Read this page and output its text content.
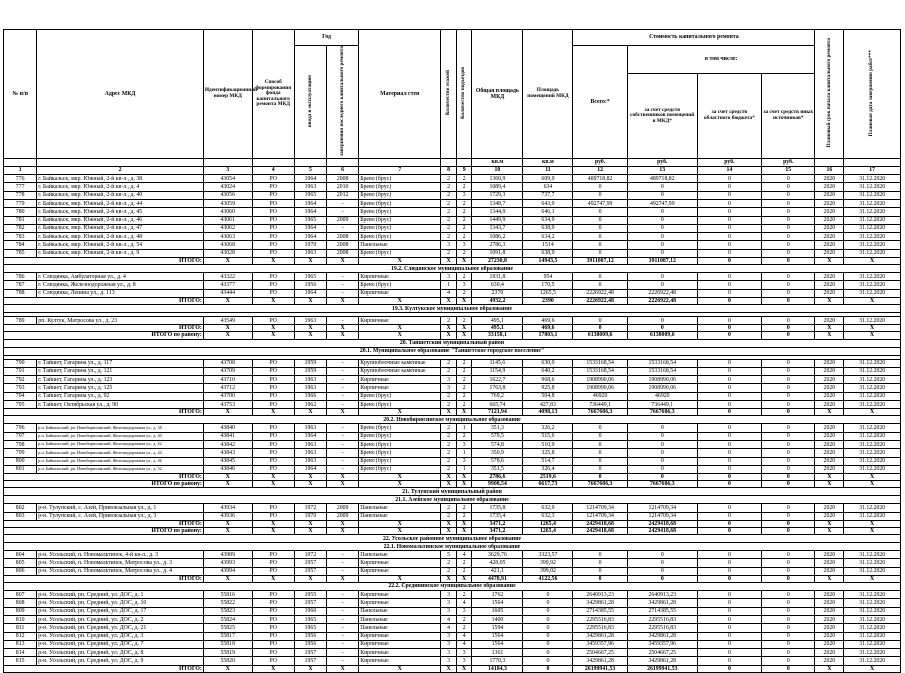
№ п/п	Адрес МКД	Идентификационный номер МКД	Способ формирования фонда капитального ремонта МКД	Год		Материал стен	Количество этажей	Количество подъездов	Общая площадь МКД	Площадь помещений МКД	Стоимость капитального ремонта				Плановый срок начала капитального ремонта	Плановая дата завершения работ***
				ввода в эксплуатацию	завершения последнего капитального ремонта						Всего:*	в том числе:				
												за счет средств собственников помещений в МКД*	за счет средств областного бюджета*	за счет средств иных источников*		
									кв.м	кв.м	руб.	руб.	руб.	руб.		
1	2	3	4	5	6	7	8	9	10	11	12	13	14	15	16	17
776	г. Байкальск, мкр. Южный, 2-й кв-л., д. 38	43054	РО	1964	2008	Брево (брус)	2	2	1360,9	609,9	489718,82	489718,82	0	0	2020	31.12.2020
777	г. Байкальск, мкр. Южный, 2-й кв-л., д. 4	43024	РО	1963	2010	Брево (брус)	2	2	1089,4	634	0	0	0	0	2020	31.12.2020
778	г. Байкальск, мкр. Южный, 2-й кв-л., д. 40	43056	РО	1965	2012	Брево (брус)	2	3	1729,3	737,7	0	0	0	0	2020	31.12.2020
779	г. Байкальск, мкр. Южный, 2-й кв-л., д. 44	43059	РО	1964	-	Брево (брус)	2	2	1348,7	643,9	492747,99	492747,99	0	0	2020	31.12.2020
780	г. Байкальск, мкр. Южный, 2-й кв-л., д. 45	43060	РО	1964	-	Брево (брус)	2	2	1344,9	646,1	0	0	0	0	2020	31.12.2020
781	г. Байкальск, мкр. Южный, 2-й кв-л., д. 46	43061	РО	1965	2009	Брево (брус)	2	2	1449,9	634,9	0	0	0	0	2020	31.12.2020
782	г. Байкальск, мкр. Южный, 2-й кв-л., д. 47	43062	РО	1964	-	Брево (брус)	2	2	1343,7	638,9	0	0	0	0	2020	31.12.2020
783	г. Байкальск, мкр. Южный, 2-й кв-л., д. 48	43063	РО	1964	2008	Брево (брус)	2	2	1086,2	634,2	0	0	0	0	2020	31.12.2020
784	г. Байкальск, мкр. Южный, 2-й кв-л., д. 54	43068	РО	1970	2008	Панельные	3	3	2786,3	1514	0	0	0	0	2020	31.12.2020
785	г. Байкальск, мкр. Южный, 2-й кв-л., д. 9	43028	РО	1963	2008	Брево (брус)	2	2	1091,8	638,9	0	0	0	0	2020	31.12.2020
ИТОГО:		X	X	X	X	X	X	X	27230,8	14943,5	3911087,12	3911087,12	0	0	X	X
19.2. Слюдянское муниципальное образование																
786	г. Слюдянка, Амбулаторная ул., д. 4	43322	РО	1965	-	Кирпичные	3	2	1931,8	954	0	0	0	0	2020	31.12.2020
787	г. Слюдянка, Железнодорожная ул., д. 8	43377	РО	1956	-	Брево (брус)	1	3	630,4	170,5	0	0	0	0	2020	31.12.2020
788	г. Слюдянка, Ленина ул., д. 113	43444	РО	1964	-	Кирпичные	4	2	2370	1265,5	2226922,48	2226922,48	0	0	2020	31.12.2020
ИТОГО:		X	X	X	X	X	X	X	4932,2	2390	2226922,48	2226922,48	0	0	X	X
19.3. Култукское муниципальное образование																

789	рп. Култук, Матросова ул., д. 23	43549	РО	1963	-	Кирпичные	2	2	495,1	469,6	0	0	0	0	2020	31.12.2020
ИТОГО:		X	X	X	X	X	X	X	495,1	469,6	0	0	0	0	X	X
ИТОГО по району:		X	X	X	X	X	X	X	33158,1	17803,1	6138009,6	6138009,6	0	0	X	X
20. Тайшетский муниципальный район																
20.1. Муниципальное образование "Тайшетское городское поселение"																

790	г. Тайшет, Гагарина ул., д. 117	43708	РО	1959	-	Крупноблочные каменные	2	2	1145,6	630,9	1533168,54	1533168,54	0	0	2020	31.12.2020
791	г. Тайшет, Гагарина ул., д. 121	43709	РО	1959	-	Крупноблочные каменные	2	2	1154,9	640,2	1533168,54	1533168,54	0	0	2020	31.12.2020
792	г. Тайшет, Гагарина ул., д. 123	43710	РО	1963	-	Кирпичные	3	2	1622,7	968,6	1908990,06	1908990,06	0	0	2020	31.12.2020
793	г. Тайшет, Гагарина ул., д. 125	43712	РО	1963	-	Кирпичные	3	2	1763,8	925,8	1908990,06	1908990,06	0	0	2020	31.12.2020
794	г. Тайшет, Гагарина ул., д. 92	43700	РО	1966	-	Брево (брус)	2	2	769,2	504,8	46920	46920	0	0	2020	31.12.2020
795	г. Тайшет, Октябрьская ул., д. 90	43753	РО	1962	-	Брево (брус)	2	2	665,74	427,83	736449,1	736449,1	0	0	2020	31.12.2020
ИТОГО:		X	X	X	X	X	X	X	7121,94	4098,13	7667686,3	7667686,3	0	0	X	X
20.2. Новобирюсинское муниципальное образование																
796	р.п. Байкальский, рп. Новобирюсинский, Железнодорожная ул., д. 38	43840	РО	1963	-	Брево (брус)	2	1	351,3	326,2	0	0	0	0	2020	31.12.2020
797	р.п. Байкальский, рп. Новобирюсинский, Железнодорожная ул., д. 40	43841	РО	1964	-	Брево (брус)	2	2	579,5	515,6	0	0	0	0	2020	31.12.2020
798	р.п. Байкальский, рп. Новобирюсинский, Железнодорожная ул., д. 42	43842	РО	1963	-	Брево (брус)	2	3	574,8	510,9	0	0	0	0	2020	31.12.2020
799	р.п. Байкальский, рп. Новобирюсинский, Железнодорожная ул., д. 44	43843	РО	1963	-	Брево (брус)	2	1	350,9	325,8	0	0	0	0	2020	31.12.2020
800	р.п. Байкальский, рп. Новобирюсинский, Железнодорожная ул., д. 46	43845	РО	1963	-	Брево (брус)	2	3	578,6	514,7	0	0	0	0	2020	31.12.2020
801	р.п. Байкальский, рп. Новобирюсинский, Железнодорожная ул., д. 52	43846	РО	1964	-	Брево (брус)	2	1	351,5	326,4	0	0	0	0	2020	31.12.2020
ИТОГО:		X	X	X	X	X	X	X	2786,6	2519,6	0	0	0	0	X	X
ИТОГО по району:		X	X	X	X	X	X	X	9908,54	6617,73	7667686,3	7667686,3	0	0	X	X
21. Тулунский муниципальный район																
21.1. Азейское муниципальное образование																
802	р-н. Тулунский, с. Азей, Привокзальная ул., д. 1	43934	РО	1972	2009	Панельные	2	2	1735,8	632,9	1214709,34	1214709,34	0	0	2020	31.12.2020
803	р-н. Тулунский, с. Азей, Привокзальная ул., д. 3	43936	РО	1970	2009	Панельные	2	2	1735,4	632,3	1214709,34	1214709,34	0	0	2020	31.12.2020
ИТОГО:		X	X	X	X	X	X	X	3471,2	1265,4	2429418,68	2429418,68	0	0	X	X
ИТОГО по району:		X	X	X	X	X	X	X	3471,2	1265,4	2429418,68	2429418,68	0	0	X	X
22. Усольское районное муниципальное образование																
22.1. Новомальтинское муниципальное образование																
804	р-н. Усольский, п. Новомальтинск, 4-й кв-л., д. 3	43989	РО	1972	-	Панельные	5	4	3629,76	3323,57	0	0	0	0	2020	31.12.2020
805	р-н. Усольский, п. Новомальтинск, Матросова ул., д. 3	43993	РО	1957	-	Кирпичные	2	2	428,05	399,92	0	0	0	0	2020	31.12.2020
806	р-н. Усольский, п. Новомальтинск, Матросова ул., д. 4	43994	РО	1957	-	Кирпичные	2	2	421,1	399,02	0	0	0	0	2020	31.12.2020
ИТОГО:		X	X	X	X	X	X	X	4478,91	4122,56	0	0	0	0	X	X
22.2. Средининское муниципальное образование																
807	р-н. Усольский, рп. Средний, ул. ДОС, д. 1	55816	РО	1955	-	Кирпичные	3	2	1762	0	2640913,23	2640913,23	0	0	2020	31.12.2020
808	р-н. Усольский, рп. Средний, ул. ДОС, д. 10	55822	РО	1957	-	Кирпичные	3	4	1564	0	3429861,28	3429861,28	0	0	2020	31.12.2020
809	р-н. Усольский, рп. Средний, ул. ДОС, д. 17	55823	РО	1960	-	Панельные	3	3	1605	0	2714385,55	2714385,55	0	0	2020	31.12.2020
810	р-н. Усольский, рп. Средний, ул. ДОС, д. 2	55824	РО	1965	-	Панельные	4	2	1400	0	2295516,83	2295516,83	0	0	2020	31.12.2020
811	р-н. Усольский, рп. Средний, ул. ДОС, д. 21	55825	РО	1965	-	Панельные	4	2	1594	0	2295516,83	2295516,83	0	0	2020	31.12.2020
812	р-н. Усольский, рп. Средний, ул. ДОС, д. 3	55817	РО	1956	-	Кирпичные	3	4	1564	0	3429861,28	3429861,28	0	0	2020	31.12.2020
813	р-н. Усольский, рп. Средний, ул. ДОС, д. 7	55818	РО	1956	-	Кирпичные	3	4	1564	0	3459357,96	3459357,96	0	0	2020	31.12.2020
814	р-н. Усольский, рп. Средний, ул. ДОС, д. 8	55819	РО	1957	-	Кирпичные	3	3	1361	0	2504667,25	2504667,25	0	0	2020	31.12.2020
815	р-н. Усольский, рп. Средний, ул. ДОС, д. 9	55820	РО	1957	-	Кирпичные	3	3	1770,3	0	3429861,28	3429861,28	0	0	2020	31.12.2020
ИТОГО:		X	X	X	X	X	X	X	14184,3	0	26199941,53	26199941,53	0	0	X	X
